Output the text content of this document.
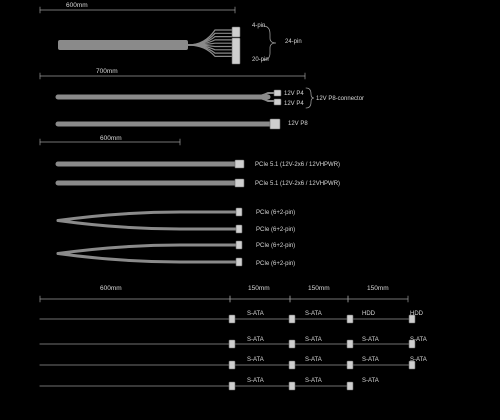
600mm
4-pin
20-pin
24-pin
700mm
12V P4
12V P4
12V P8-connector
12V P8
600mm
PCIe 5.1 (12V-2x6 / 12VHPWR)
PCIe 5.1 (12V-2x6 / 12VHPWR)
PCIe (6+2-pin)
PCIe (6+2-pin)
PCIe (6+2-pin)
PCIe (6+2-pin)
600mm	150mm	150mm	150mm
S-ATA	S-ATA	HDD	HDD
S-ATA	S-ATA	S-ATA	S-ATA
S-ATA	S-ATA	S-ATA	S-ATA
S-ATA	S-ATA	S-ATA
